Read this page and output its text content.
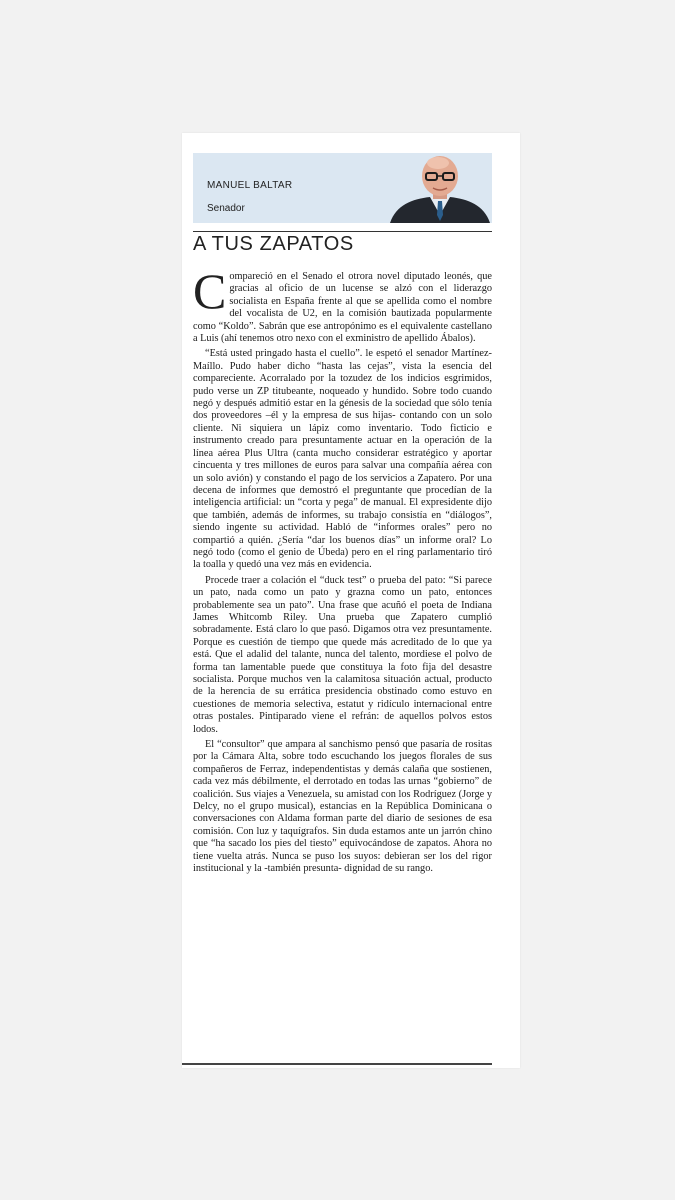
MANUEL BALTAR
Senador
A TUS ZAPATOS

Compareció en el Senado el otrora novel diputado leonés, que gracias al oficio de un lucense se alzó con el liderazgo socialista en España frente al que se apellida como el nombre del vocalista de U2, en la comisión bautizada popularmente como “Koldo”. Sabrán que ese antropónimo es el equivalente castellano a Luis (ahí tenemos otro nexo con el exministro de apellido Ábalos).

“Está usted pringado hasta el cuello”. le espetó el senador Martínez-Maíllo. Pudo haber dicho “hasta las cejas”, vista la esencia del compareciente. Acorralado por la tozudez de los indicios esgrimidos, pudo verse un ZP titubeante, noqueado y hundido. Sobre todo cuando negó y después admitió estar en la génesis de la sociedad que sólo tenía dos proveedores –él y la empresa de sus hijas- contando con un solo cliente. Ni siquiera un lápiz como inventario. Todo ficticio e instrumento creado para presuntamente actuar en la operación de la línea aérea Plus Ultra (canta mucho considerar estratégico y aportar cincuenta y tres millones de euros para salvar una compañía aérea con un solo avión) y constando el pago de los servicios a Zapatero. Por una decena de informes que demostró el preguntante que procedían de la inteligencia artificial: un “corta y pega” de manual. El expresidente dijo que también, además de informes, su trabajo consistía en “diálogos”, siendo ingente su actividad. Habló de “informes orales” pero no compartió a quién. ¿Sería “dar los buenos días” un informe oral? Lo negó todo (como el genio de Úbeda) pero en el ring parlamentario tiró la toalla y quedó una vez más en evidencia.

Procede traer a colación el “duck test” o prueba del pato: “Si parece un pato, nada como un pato y grazna como un pato, entonces probablemente sea un pato”. Una frase que acuñó el poeta de Indiana James Whitcomb Riley. Una prueba que Zapatero cumplió sobradamente. Está claro lo que pasó. Digamos otra vez presuntamente. Porque es cuestión de tiempo que quede más acreditado de lo que ya está. Que el adalid del talante, nunca del talento, mordiese el polvo de forma tan lamentable puede que constituya la foto fija del desastre socialista. Porque muchos ven la calamitosa situación actual, producto de la herencia de su errática presidencia obstinado como estuvo en cuestiones de memoria selectiva, estatut y ridículo internacional entre otras postales. Pintiparado viene el refrán: de aquellos polvos estos lodos.

El “consultor” que ampara al sanchismo pensó que pasaría de rositas por la Cámara Alta, sobre todo escuchando los juegos florales de sus compañeros de Ferraz, independentistas y demás calaña que sostienen, cada vez más débilmente, el derrotado en todas las urnas “gobierno” de coalición. Sus viajes a Venezuela, su amistad con los Rodríguez (Jorge y Delcy, no el grupo musical), estancias en la República Dominicana o conversaciones con Aldama forman parte del diario de sesiones de esa comisión. Con luz y taquígrafos. Sin duda estamos ante un jarrón chino que “ha sacado los pies del tiesto” equivocándose de zapatos. Ahora no tiene vuelta atrás. Nunca se puso los suyos: debieran ser los del rigor institucional y la -también presunta- dignidad de su rango.
